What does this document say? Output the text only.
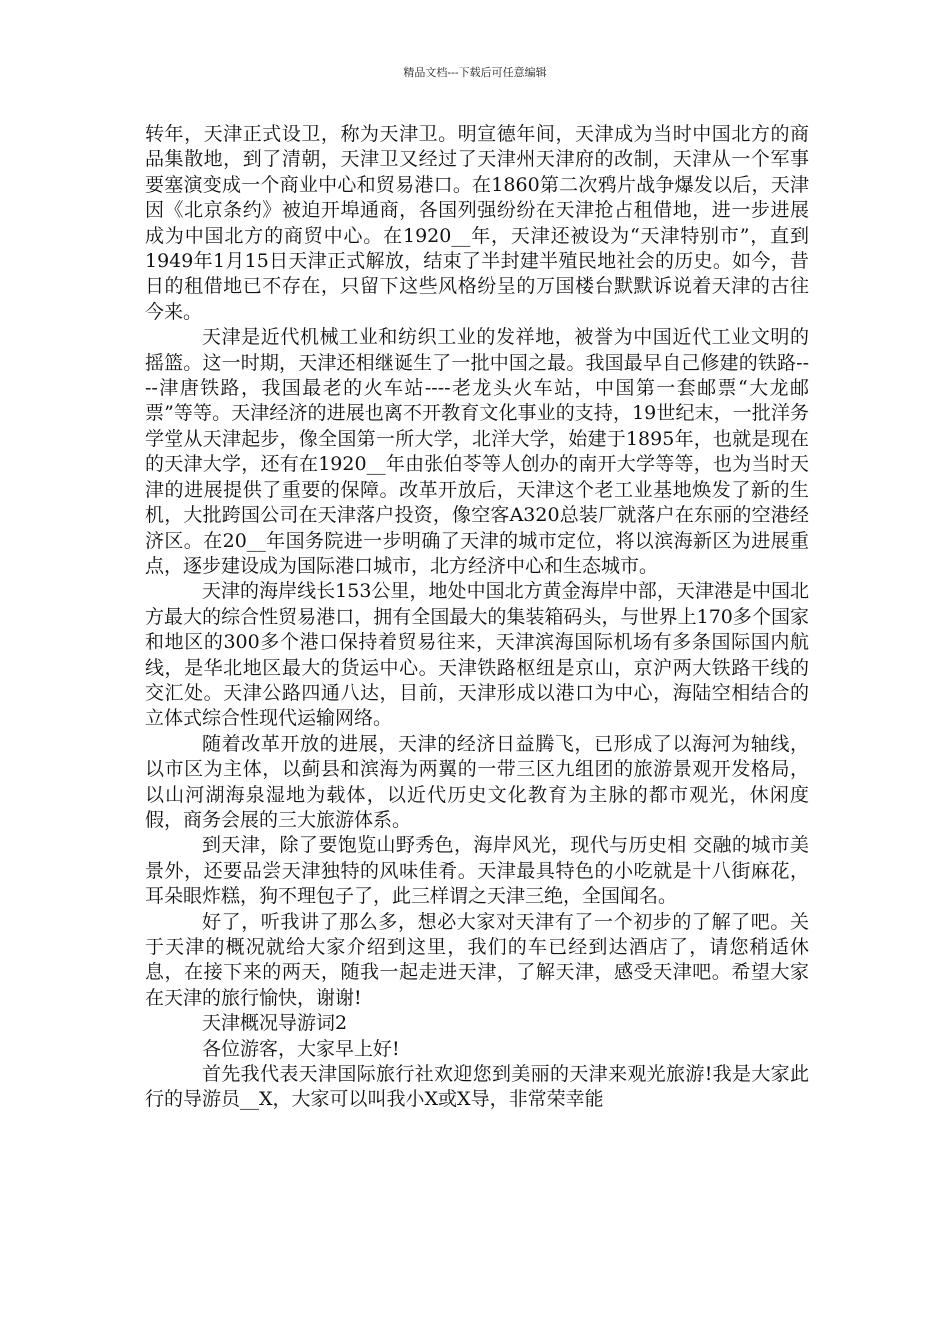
精品文档---下载后可任意编辑

转年，天津正式设卫，称为天津卫。明宣德年间，天津成为当时中国北方的商品集散地，到了清朝，天津卫又经过了天津州天津府的改制，天津从一个军事要塞演变成一个商业中心和贸易港口。在1860第二次鸦片战争爆发以后，天津因《北京条约》被迫开埠通商，各国列强纷纷在天津抢占租借地，进一步进展成为中国北方的商贸中心。在1920__年，天津还被设为“天津特别市”，直到1949年1月15日天津正式解放，结束了半封建半殖民地社会的历史。如今，昔日的租借地已不存在，只留下这些风格纷呈的万国楼台默默诉说着天津的古往今来。

天津是近代机械工业和纺织工业的发祥地，被誉为中国近代工业文明的摇篮。这一时期，天津还相继诞生了一批中国之最。我国最早自己修建的铁路----津唐铁路，我国最老的火车站----老龙头火车站，中国第一套邮票“大龙邮票”等等。天津经济的进展也离不开教育文化事业的支持，19世纪末，一批洋务学堂从天津起步，像全国第一所大学，北洋大学，始建于1895年，也就是现在的天津大学，还有在1920__年由张伯苓等人创办的南开大学等等，也为当时天津的进展提供了重要的保障。改革开放后，天津这个老工业基地焕发了新的生机，大批跨国公司在天津落户投资，像空客A320总装厂就落户在东丽的空港经济区。在20__年国务院进一步明确了天津的城市定位，将以滨海新区为进展重点，逐步建设成为国际港口城市，北方经济中心和生态城市。

天津的海岸线长153公里，地处中国北方黄金海岸中部，天津港是中国北方最大的综合性贸易港口，拥有全国最大的集装箱码头，与世界上170多个国家和地区的300多个港口保持着贸易往来，天津滨海国际机场有多条国际国内航线，是华北地区最大的货运中心。天津铁路枢纽是京山，京沪两大铁路干线的交汇处。天津公路四通八达，目前，天津形成以港口为中心，海陆空相结合的立体式综合性现代运输网络。

随着改革开放的进展，天津的经济日益腾飞，已形成了以海河为轴线，以市区为主体，以蓟县和滨海为两翼的一带三区九组团的旅游景观开发格局，以山河湖海泉湿地为载体，以近代历史文化教育为主脉的都市观光，休闲度假，商务会展的三大旅游体系。

到天津，除了要饱览山野秀色，海岸风光，现代与历史相 交融的城市美景外，还要品尝天津独特的风味佳肴。天津最具特色的小吃就是十八街麻花，耳朵眼炸糕，狗不理包子了，此三样谓之天津三绝，全国闻名。

好了，听我讲了那么多，想必大家对天津有了一个初步的了解了吧。关于天津的概况就给大家介绍到这里，我们的车已经到达酒店了，请您稍适休息，在接下来的两天，随我一起走进天津，了解天津，感受天津吧。希望大家在天津的旅行愉快，谢谢!

天津概况导游词2

各位游客，大家早上好!

首先我代表天津国际旅行社欢迎您到美丽的天津来观光旅游!我是大家此行的导游员__X，大家可以叫我小X或X导，非常荣幸能
